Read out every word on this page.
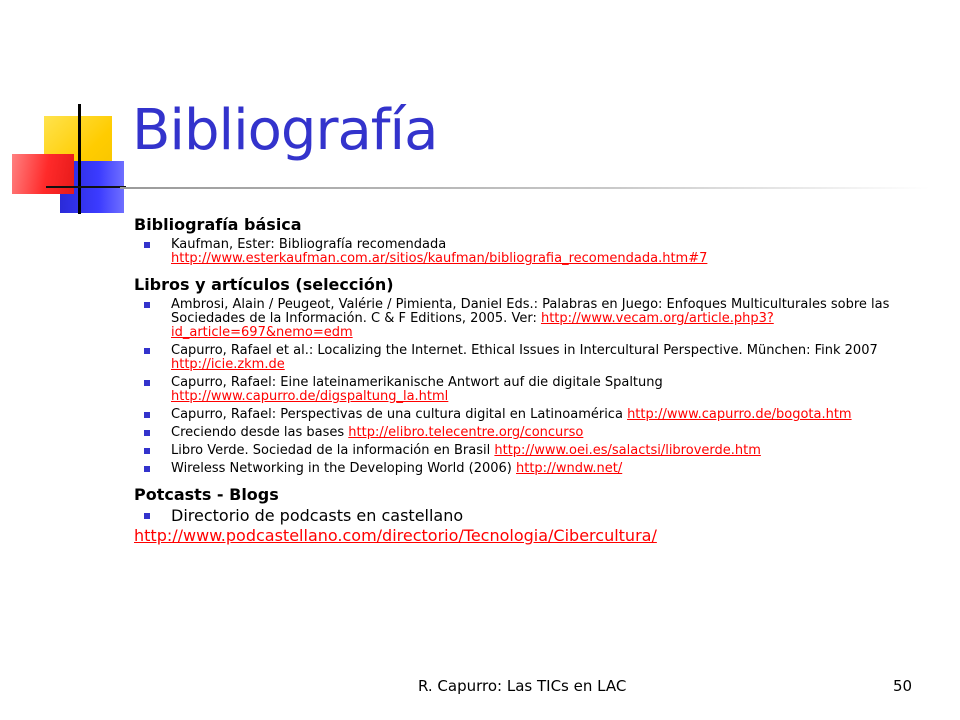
Bibliografía
Bibliografía básica
Kaufman, Ester: Bibliografía recomendada http://www.esterkaufman.com.ar/sitios/kaufman/bibliografia_recomendada.htm#7
Libros y artículos (selección)
Ambrosi, Alain / Peugeot, Valérie / Pimienta, Daniel Eds.: Palabras en Juego: Enfoques Multiculturales sobre las Sociedades de la Información. C & F Editions, 2005. Ver: http://www.vecam.org/article.php3?id_article=697&nemo=edm
Capurro, Rafael et al.: Localizing the Internet. Ethical Issues in Intercultural Perspective. München: Fink 2007 http://icie.zkm.de
Capurro, Rafael: Eine lateinamerikanische Antwort auf die digitale Spaltung http://www.capurro.de/digspaltung_la.html
Capurro, Rafael: Perspectivas de una cultura digital en Latinoamérica http://www.capurro.de/bogota.htm
Creciendo desde las bases http://elibro.telecentre.org/concurso
Libro Verde. Sociedad de la información en Brasil http://www.oei.es/salactsi/libroverde.htm
Wireless Networking in the Developing World (2006) http://wndw.net/
Potcasts - Blogs
Directorio de podcasts en castellano
http://www.podcastellano.com/directorio/Tecnologia/Cibercultura/
R. Capurro: Las TICs en LAC	50
